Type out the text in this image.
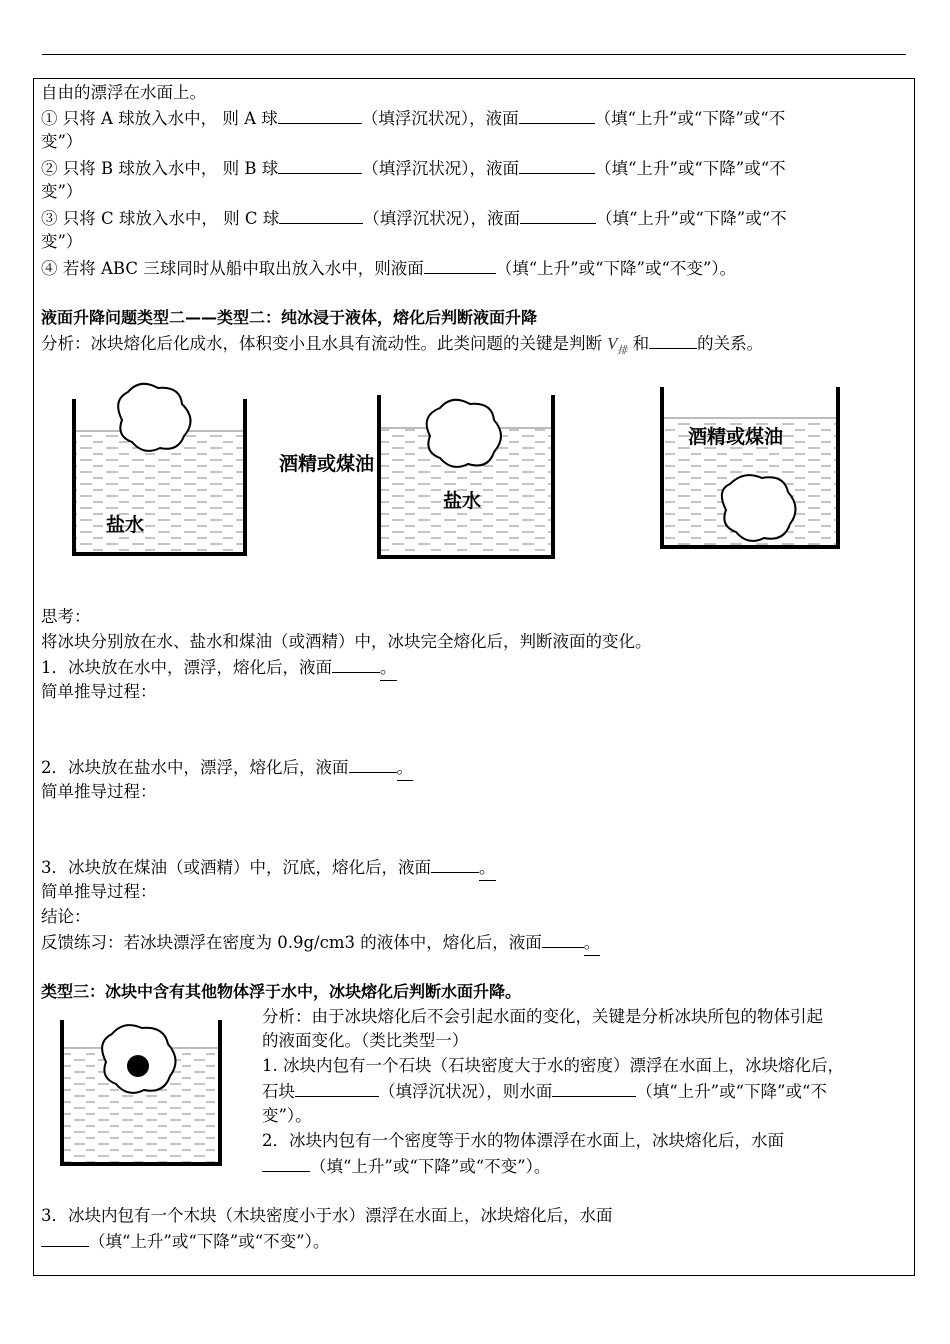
自由的漂浮在水面上。
① 只将 A 球放入水中， 则 A 球	（填浮沉状况），液面	（填“上升”或“下降”或“不
变”）
② 只将 B 球放入水中， 则 B 球	（填浮沉状况），液面	（填“上升”或“下降”或“不
变”）
③ 只将 C 球放入水中， 则 C 球	（填浮沉状况），液面	（填“上升”或“下降”或“不
变”）
④ 若将 ABC 三球同时从船中取出放入水中，则液面	（填“上升”或“下降”或“不变”）。
液面升降问题类型二——类型二：纯冰浸于液体，熔化后判断液面升降
分析：冰块熔化后化成水，体积变小且水具有流动性。此类问题的关键是判断 $V_排$ 和	的关系。
盐水
酒精或煤油
盐水
酒精或煤油
思考：
将冰块分别放在水、盐水和煤油（或酒精）中，冰块完全熔化后，判断液面的变化。
1．冰块放在水中，漂浮，熔化后，液面	。
简单推导过程：
2．冰块放在盐水中，漂浮，熔化后，液面	。
简单推导过程：
3．冰块放在煤油（或酒精）中，沉底，熔化后，液面	。
简单推导过程：
结论：
反馈练习：若冰块漂浮在密度为 0.9g/cm3 的液体中，熔化后，液面	。
类型三：冰块中含有其他物体浮于水中，冰块熔化后判断水面升降。
分析：由于冰块熔化后不会引起水面的变化，关键是分析冰块所包的物体引起
的液面变化。（类比类型一）
1. 冰块内包有一个石块（石块密度大于水的密度）漂浮在水面上，冰块熔化后，
石块	（填浮沉状况），则水面	（填“上升”或“下降”或“不
变”）。
2．冰块内包有一个密度等于水的物体漂浮在水面上，冰块熔化后，水面
（填“上升”或“下降”或“不变”）。
3．冰块内包有一个木块（木块密度小于水）漂浮在水面上，冰块熔化后，水面
（填“上升”或“下降”或“不变”）。
